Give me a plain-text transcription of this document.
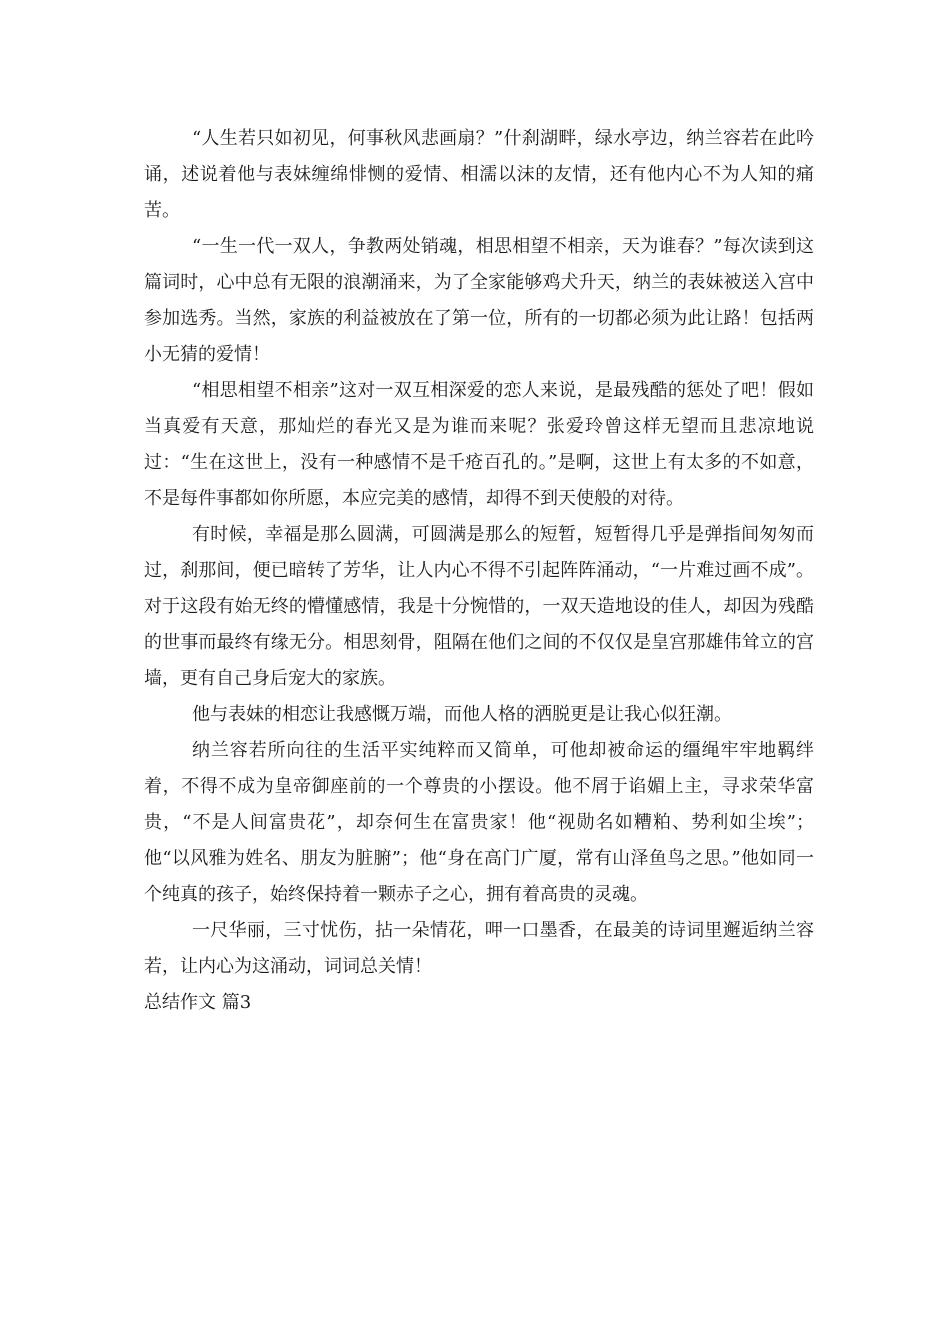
“人生若只如初见，何事秋风悲画扇？”什刹湖畔，绿水亭边，纳兰容若在此吟诵，述说着他与表妹缠绵悱恻的爱情、相濡以沫的友情，还有他内心不为人知的痛苦。

“一生一代一双人，争教两处销魂，相思相望不相亲，天为谁春？”每次读到这篇词时，心中总有无限的浪潮涌来，为了全家能够鸡犬升天，纳兰的表妹被送入宫中参加选秀。当然，家族的利益被放在了第一位，所有的一切都必须为此让路！包括两小无猜的爱情！

“相思相望不相亲”这对一双互相深爱的恋人来说，是最残酷的惩处了吧！假如当真爱有天意，那灿烂的春光又是为谁而来呢？张爱玲曾这样无望而且悲凉地说过：“生在这世上，没有一种感情不是千疮百孔的。”是啊，这世上有太多的不如意，不是每件事都如你所愿，本应完美的感情，却得不到天使般的对待。

有时候，幸福是那么圆满，可圆满是那么的短暂，短暂得几乎是弹指间匆匆而过，刹那间，便已暗转了芳华，让人内心不得不引起阵阵涌动，“一片难过画不成”。对于这段有始无终的懵懂感情，我是十分惋惜的，一双天造地设的佳人，却因为残酷的世事而最终有缘无分。相思刻骨，阻隔在他们之间的不仅仅是皇宫那雄伟耸立的宫墙，更有自己身后宠大的家族。

他与表妹的相恋让我感慨万端，而他人格的洒脱更是让我心似狂潮。

纳兰容若所向往的生活平实纯粹而又简单，可他却被命运的缰绳牢牢地羁绊着，不得不成为皇帝御座前的一个尊贵的小摆设。他不屑于谄媚上主，寻求荣华富贵，“不是人间富贵花”，却奈何生在富贵家！他“视勋名如糟粕、势利如尘埃”；他“以风雅为姓名、朋友为脏腑”；他“身在高门广厦，常有山泽鱼鸟之思。”他如同一个纯真的孩子，始终保持着一颗赤子之心，拥有着高贵的灵魂。

一尺华丽，三寸忧伤，拈一朵情花，呷一口墨香，在最美的诗词里邂逅纳兰容若，让内心为这涌动，词词总关情！

总结作文 篇3
